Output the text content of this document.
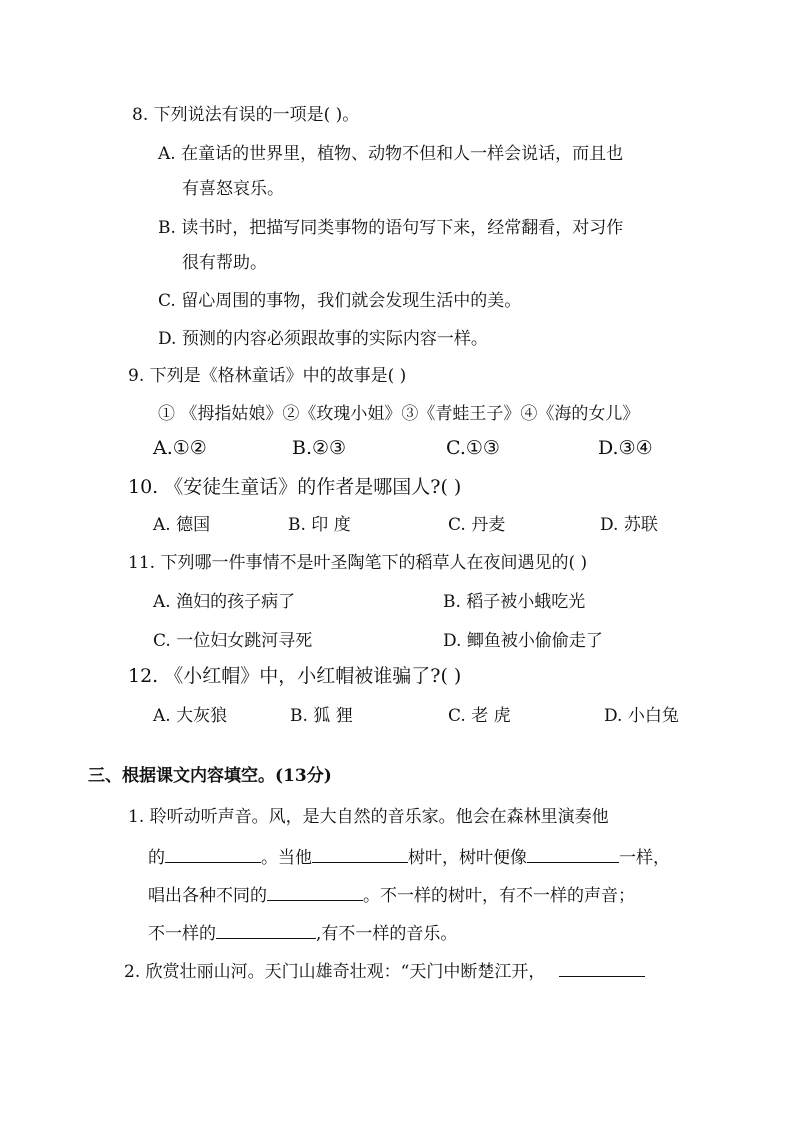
8. 下列说法有误的一项是( )。
A. 在童话的世界里，植物、动物不但和人一样会说话，而且也
有喜怒哀乐。
B. 读书时，把描写同类事物的语句写下来，经常翻看，对习作
很有帮助。
C. 留心周围的事物，我们就会发现生活中的美。
D. 预测的内容必须跟故事的实际内容一样。
9. 下列是《格林童话》中的故事是( )
① 《拇指姑娘》②《玫瑰小姐》③《青蛙王子》④《海的女儿》
A.①②	B.②③	C.①③	D.③④
10. 《安徒生童话》的作者是哪国人?( )
A. 德国	B. 印 度	C. 丹麦	D. 苏联
11. 下列哪一件事情不是叶圣陶笔下的稻草人在夜间遇见的( )
A. 渔妇的孩子病了	B. 稻子被小蛾吃光
C. 一位妇女跳河寻死	D. 鲫鱼被小偷偷走了
12. 《小红帽》中，小红帽被谁骗了?( )
A. 大灰狼	B. 狐 狸	C. 老 虎	D. 小白兔
三、根据课文内容填空。(13分)
1. 聆听动听声音。风，是大自然的音乐家。他会在森林里演奏他
的	。当他	树叶，树叶便像	一样，
唱出各种不同的	。不一样的树叶，有不一样的声音；
不一样的	,有不一样的音乐。
2. 欣赏壮丽山河。天门山雄奇壮观：“天门中断楚江开，
